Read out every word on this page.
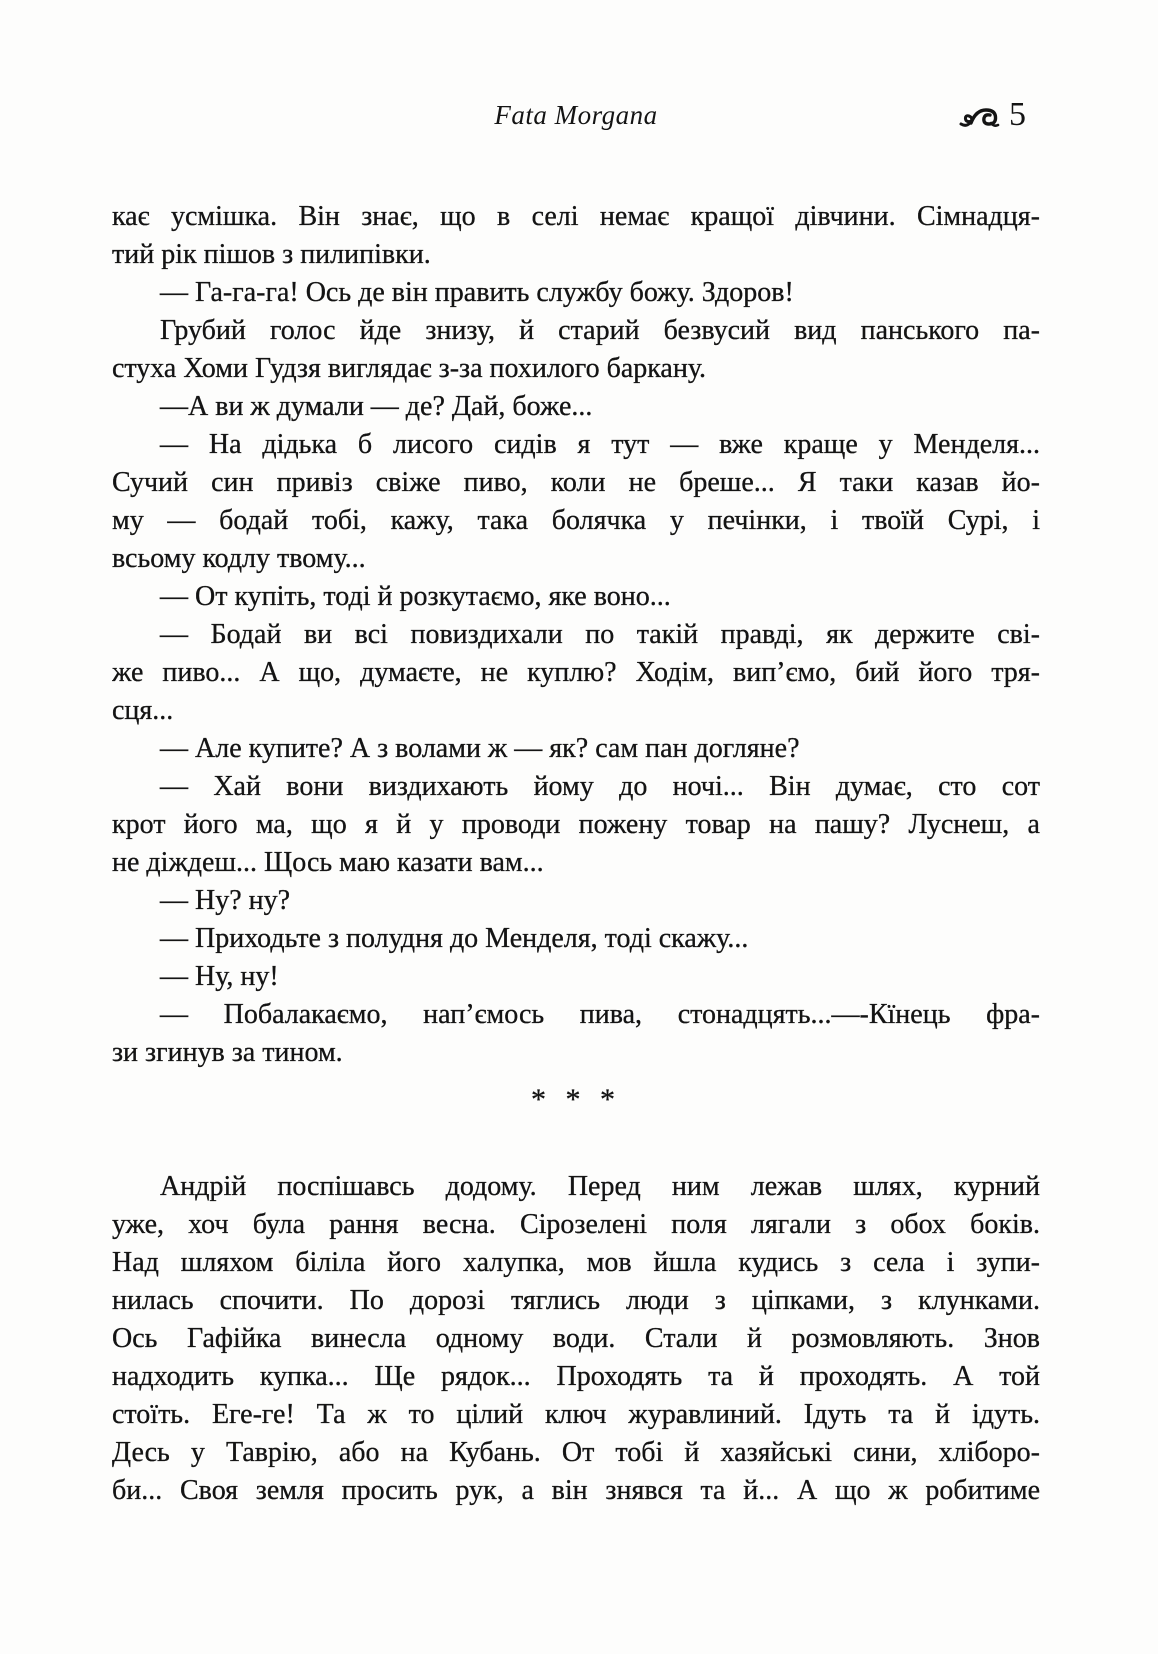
Fata Morgana	5
кає усмішка. Він знає, що в селі немає кращої дівчини. Сімнадця-
тий рік пішов з пилипівки.
— Га-га-га! Ось де він править службу божу. Здоров!
Грубий голос йде знизу, й старий безвусий вид панського па-
стуха Хоми Гудзя виглядає з-за похилого баркану.
—А ви ж думали — де? Дай, боже...
— На дідька б лисого сидів я тут — вже краще у Менделя...
Сучий син привіз свіже пиво, коли не бреше... Я таки казав йо-
му — бодай тобі, кажу, така болячка у печінки, і твоїй Сурі, і
всьому кодлу твому...
— От купіть, тоді й розкутаємо, яке воно...
— Бодай ви всі повиздихали по такій правді, як держите сві-
же пиво... А що, думаєте, не куплю? Ходім, вип’ємо, бий його тря-
сця...
— Але купите? А з волами ж — як? сам пан догляне?
— Хай вони виздихають йому до ночі... Він думає, сто сот
крот його ма, що я й у проводи пожену товар на пашу? Луснеш, а
не діждеш... Щось маю казати вам...
— Ну? ну?
— Приходьте з полудня до Менделя, тоді скажу...
— Ну, ну!
— Побалакаємо, нап’ємось пива, стонадцять...—-Кїнець фра-
зи згинув за тином.
* * *
Андрій поспішавсь додому. Перед ним лежав шлях, курний
уже, хоч була рання весна. Сірозелені поля лягали з обох боків.
Над шляхом біліла його халупка, мов йшла кудись з села і зупи-
нилась спочити. По дорозі тяглись люди з ціпками, з клунками.
Ось Гафійка винесла одному води. Стали й розмовляють. Знов
надходить купка... Ще рядок... Проходять та й проходять. А той
стоїть. Еге-ге! Та ж то цілий ключ журавлиний. Ідуть та й ідуть.
Десь у Таврію, або на Кубань. От тобі й хазяйські сини, хліборо-
би... Своя земля просить рук, а він знявся та й... А що ж робитиме
